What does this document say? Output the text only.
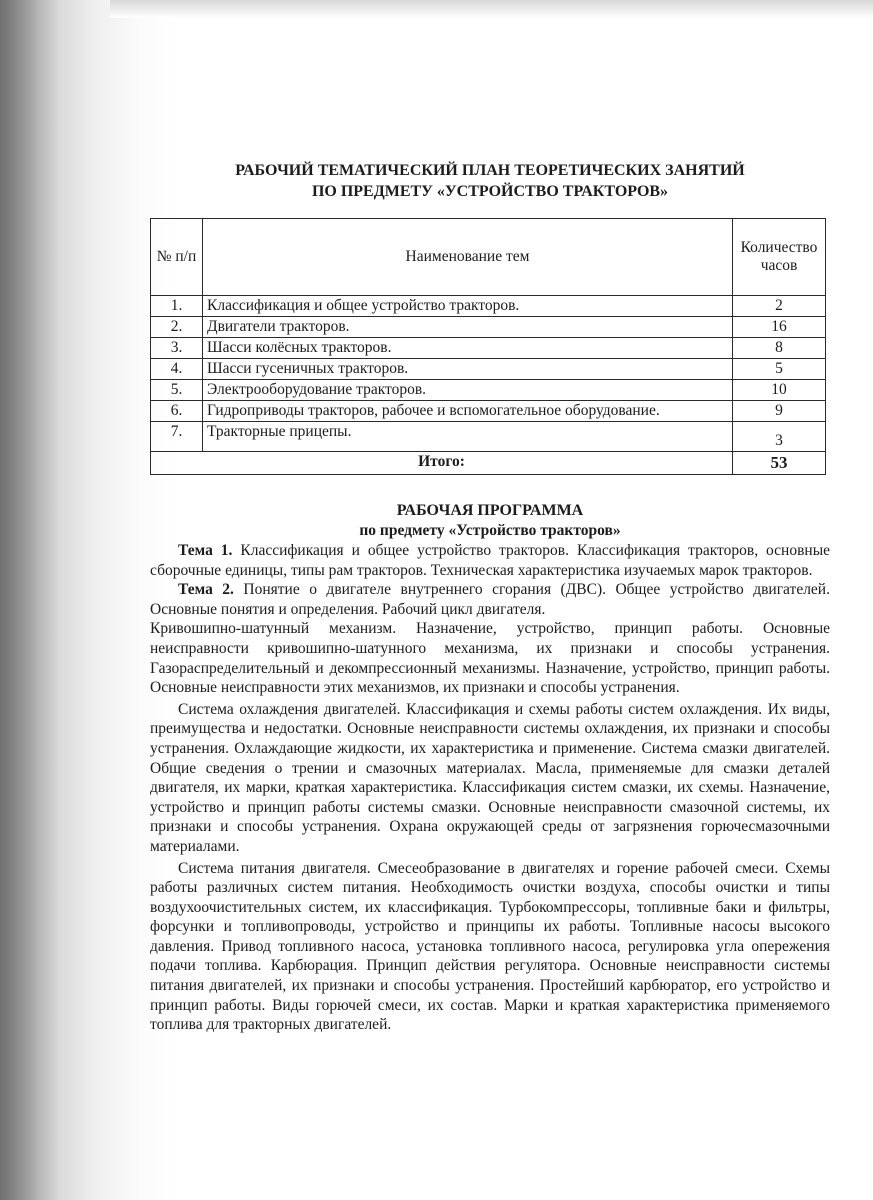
РАБОЧИЙ ТЕМАТИЧЕСКИЙ ПЛАН ТЕОРЕТИЧЕСКИХ ЗАНЯТИЙ
ПО ПРЕДМЕТУ «УСТРОЙСТВО ТРАКТОРОВ»
№ п/п	Наименование тем	Количество часов
1.	Классификация и общее устройство тракторов.	2
2.	Двигатели тракторов.	16
3.	Шасси колёсных тракторов.	8
4.	Шасси гусеничных тракторов.	5
5.	Электрооборудование тракторов.	10
6.	Гидроприводы тракторов, рабочее и вспомогательное оборудование.	9
7.	Тракторные прицепы.	3
Итого:		53
РАБОЧАЯ ПРОГРАММА
по предмету «Устройство тракторов»

Тема 1. Классификация и общее устройство тракторов. Классификация тракторов, основные сборочные единицы, типы рам тракторов. Техническая характеристика изучаемых марок тракторов.

Тема 2. Понятие о двигателе внутреннего сгорания (ДВС). Общее устройство двигателей. Основные понятия и определения. Рабочий цикл двигателя.

Кривошипно-шатунный механизм. Назначение, устройство, принцип работы. Основные неисправности кривошипно-шатунного механизма, их признаки и способы устранения. Газораспределительный и декомпрессионный механизмы. Назначение, устройство, принцип работы. Основные неисправности этих механизмов, их признаки и способы устранения.

Система охлаждения двигателей. Классификация и схемы работы систем охлаждения. Их виды, преимущества и недостатки. Основные неисправности системы охлаждения, их признаки и способы устранения. Охлаждающие жидкости, их характеристика и применение. Система смазки двигателей. Общие сведения о трении и смазочных материалах. Масла, применяемые для смазки деталей двигателя, их марки, краткая характеристика. Классификация систем смазки, их схемы. Назначение, устройство и принцип работы системы смазки. Основные неисправности смазочной системы, их признаки и способы устранения. Охрана окружающей среды от загрязнения горючесмазочными материалами.

Система питания двигателя. Смесеобразование в двигателях и горение рабочей смеси. Схемы работы различных систем питания. Необходимость очистки воздуха, способы очистки и типы воздухоочистительных систем, их классификация. Турбокомпрессоры, топливные баки и фильтры, форсунки и топливопроводы, устройство и принципы их работы. Топливные насосы высокого давления. Привод топливного насоса, установка топливного насоса, регулировка угла опережения подачи топлива. Карбюрация. Принцип действия регулятора. Основные неисправности системы питания двигателей, их признаки и способы устранения. Простейший карбюратор, его устройство и принцип работы. Виды горючей смеси, их состав. Марки и краткая характеристика применяемого топлива для тракторных двигателей.
